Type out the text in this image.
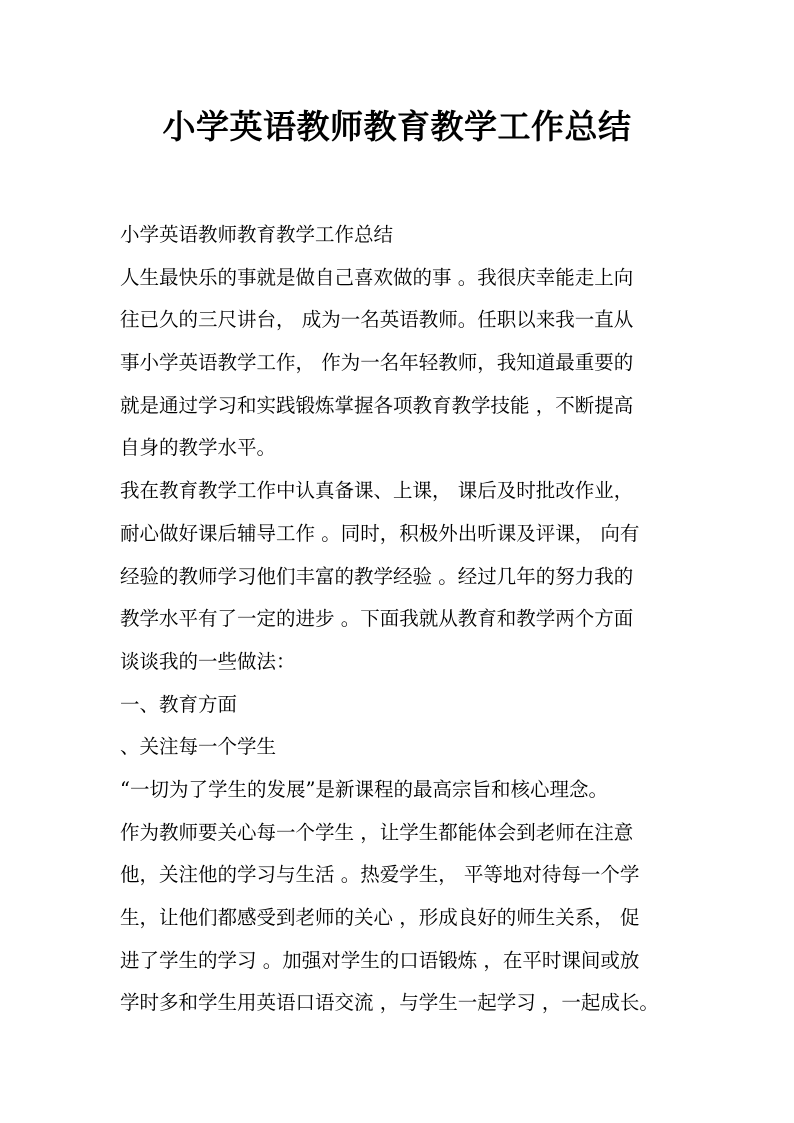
小学英语教师教育教学工作总结
小学英语教师教育教学工作总结
人生最快乐的事就是做自己喜欢做的事 。我很庆幸能走上向
往已久的三尺讲台， 成为一名英语教师。任职以来我一直从
事小学英语教学工作， 作为一名年轻教师，我知道最重要的
就是通过学习和实践锻炼掌握各项教育教学技能 ，不断提高
自身的教学水平。
我在教育教学工作中认真备课、上课， 课后及时批改作业，
耐心做好课后辅导工作 。同时，积极外出听课及评课， 向有
经验的教师学习他们丰富的教学经验 。经过几年的努力我的
教学水平有了一定的进步 。下面我就从教育和教学两个方面
谈谈我的一些做法：
一、教育方面
、关注每一个学生
“一切为了学生的发展”是新课程的最高宗旨和核心理念。
作为教师要关心每一个学生 ，让学生都能体会到老师在注意
他，关注他的学习与生活 。热爱学生， 平等地对待每一个学
生，让他们都感受到老师的关心 ，形成良好的师生关系， 促
进了学生的学习 。加强对学生的口语锻炼 ，在平时课间或放
学时多和学生用英语口语交流 ，与学生一起学习 ，一起成长。
